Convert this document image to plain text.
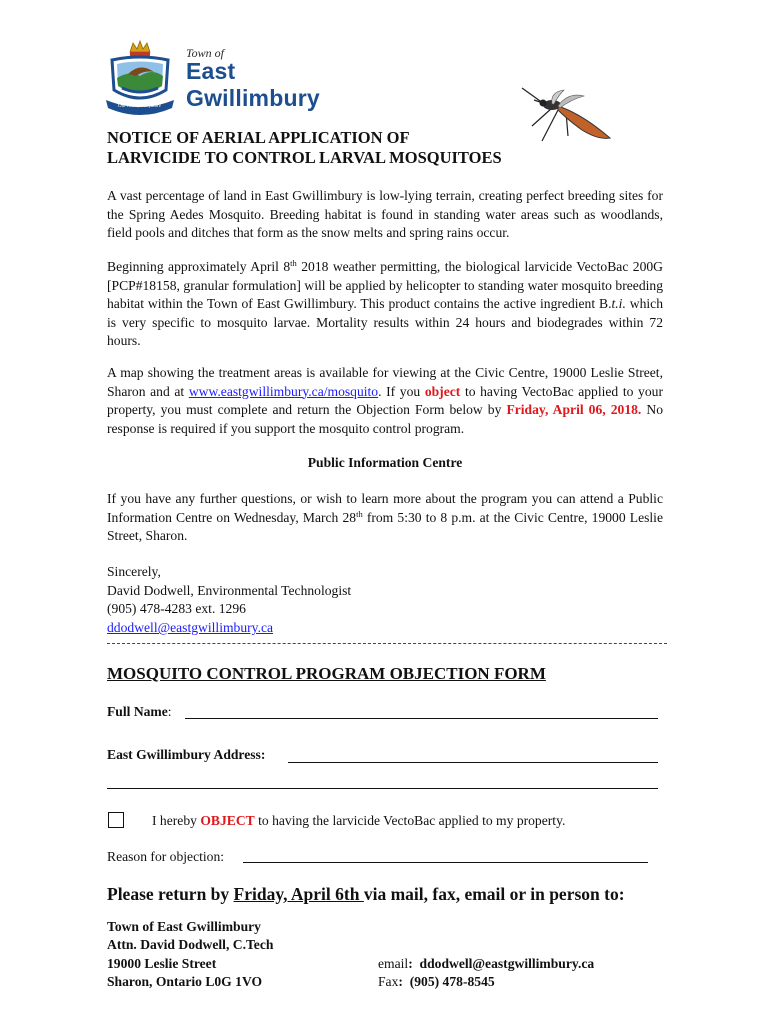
Town of
East Gwillimbury
Our roots, Our future
NOTICE OF AERIAL APPLICATION OF
LARVICIDE TO CONTROL LARVAL MOSQUITOES

A vast percentage of land in East Gwillimbury is low-lying terrain, creating perfect breeding sites for the Spring Aedes Mosquito. Breeding habitat is found in standing water areas such as woodlands, field pools and ditches that form as the snow melts and spring rains occur.

Beginning approximately April 8th 2018 weather permitting, the biological larvicide VectoBac 200G [PCP#18158, granular formulation] will be applied by helicopter to standing water mosquito breeding habitat within the Town of East Gwillimbury. This product contains the active ingredient B.t.i. which is very specific to mosquito larvae. Mortality results within 24 hours and biodegrades within 72 hours.

A map showing the treatment areas is available for viewing at the Civic Centre, 19000 Leslie Street, Sharon and at www.eastgwillimbury.ca/mosquito. If you object to having VectoBac applied to your property, you must complete and return the Objection Form below by Friday, April 06, 2018. No response is required if you support the mosquito control program.

Public Information Centre

If you have any further questions, or wish to learn more about the program you can attend a Public Information Centre on Wednesday, March 28th from 5:30 to 8 p.m. at the Civic Centre, 19000 Leslie Street, Sharon.

Sincerely,
David Dodwell, Environmental Technologist
(905) 478-4283 ext. 1296
ddodwell@eastgwillimbury.ca
MOSQUITO CONTROL PROGRAM OBJECTION FORM
Full Name:
East Gwillimbury Address:
I hereby OBJECT to having the larvicide VectoBac applied to my property.
Reason for objection:
Please return by Friday, April 6th via mail, fax, email or in person to:
Town of East Gwillimbury
Attn. David Dodwell, C.Tech
19000 Leslie Street
Sharon, Ontario L0G 1VO
email:  ddodwell@eastgwillimbury.ca
Fax:  (905) 478-8545
